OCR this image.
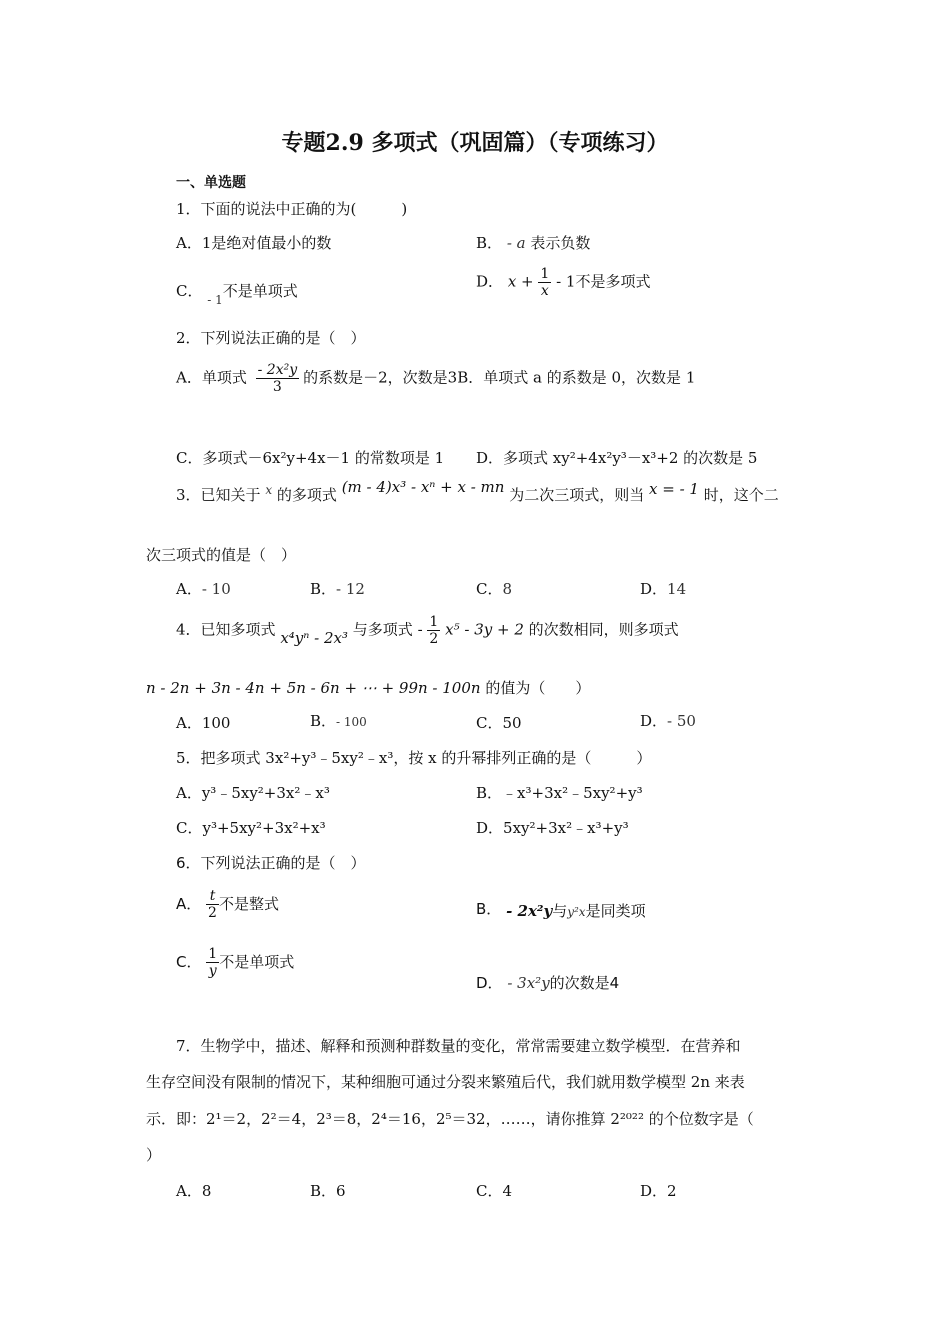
专题2.9 多项式（巩固篇）（专项练习）
一、单选题
1．下面的说法中正确的为(　　　)
A．1是绝对值最小的数	B． - a 表示负数
C． $_{- 1}$不是单项式
D． $x + \frac{1}{x} - 1$不是多项式
2．下列说法正确的是（　）
A．单项式 $\frac{\text{- 2x²y}}{3}$ 的系数是－2，次数是3B．单项式 a 的系数是 0，次数是 1
C．多项式－6x²y+4x－1 的常数项是 1 D．多项式 xy²+4x²y³－x³+2 的次数是 5
3．已知关于 $^x$ 的多项式 (m - 4)x³ - xⁿ + x - mn 为二次三项式，则当 x = - 1 时，这个二
次三项式的值是（　）
A．- 10	B．- 12	C．8	D．14
4．已知多项式 x⁴yⁿ - 2x³ 与多项式 - $\frac{1}{2} x^5 - 3y + 2$ 的次数相同，则多项式
n - 2n + 3n - 4n + 5n - 6n + ⋯ + 99n - 100n 的值为（　　）
A．100	B．- 100	C．50	D．- 50
5．把多项式 3x²+y³﹣5xy²﹣x³，按 x 的升幂排列正确的是（　　　）
A．y³﹣5xy²+3x²﹣x³	B．﹣x³+3x²﹣5xy²+y³
C．y³+5xy²+3x²+x³	D．5xy²+3x²﹣x³+y³
6．下列说法正确的是（　）
A． $\frac{t}{2}$ 不是整式	B． - 2x²y与y²x是同类项
C． $\frac{1}{y}$ 不是单项式
D． - 3x²y的次数是4
7．生物学中，描述、解释和预测种群数量的变化，常常需要建立数学模型．在营养和
生存空间没有限制的情况下，某种细胞可通过分裂来繁殖后代，我们就用数学模型 2n 来表
示．即：2¹＝2，2²＝4，2³＝8，2⁴＝16，2⁵＝32，……，请你推算 2²⁰²² 的个位数字是（
）
A．8	B．6	C．4	D．2
